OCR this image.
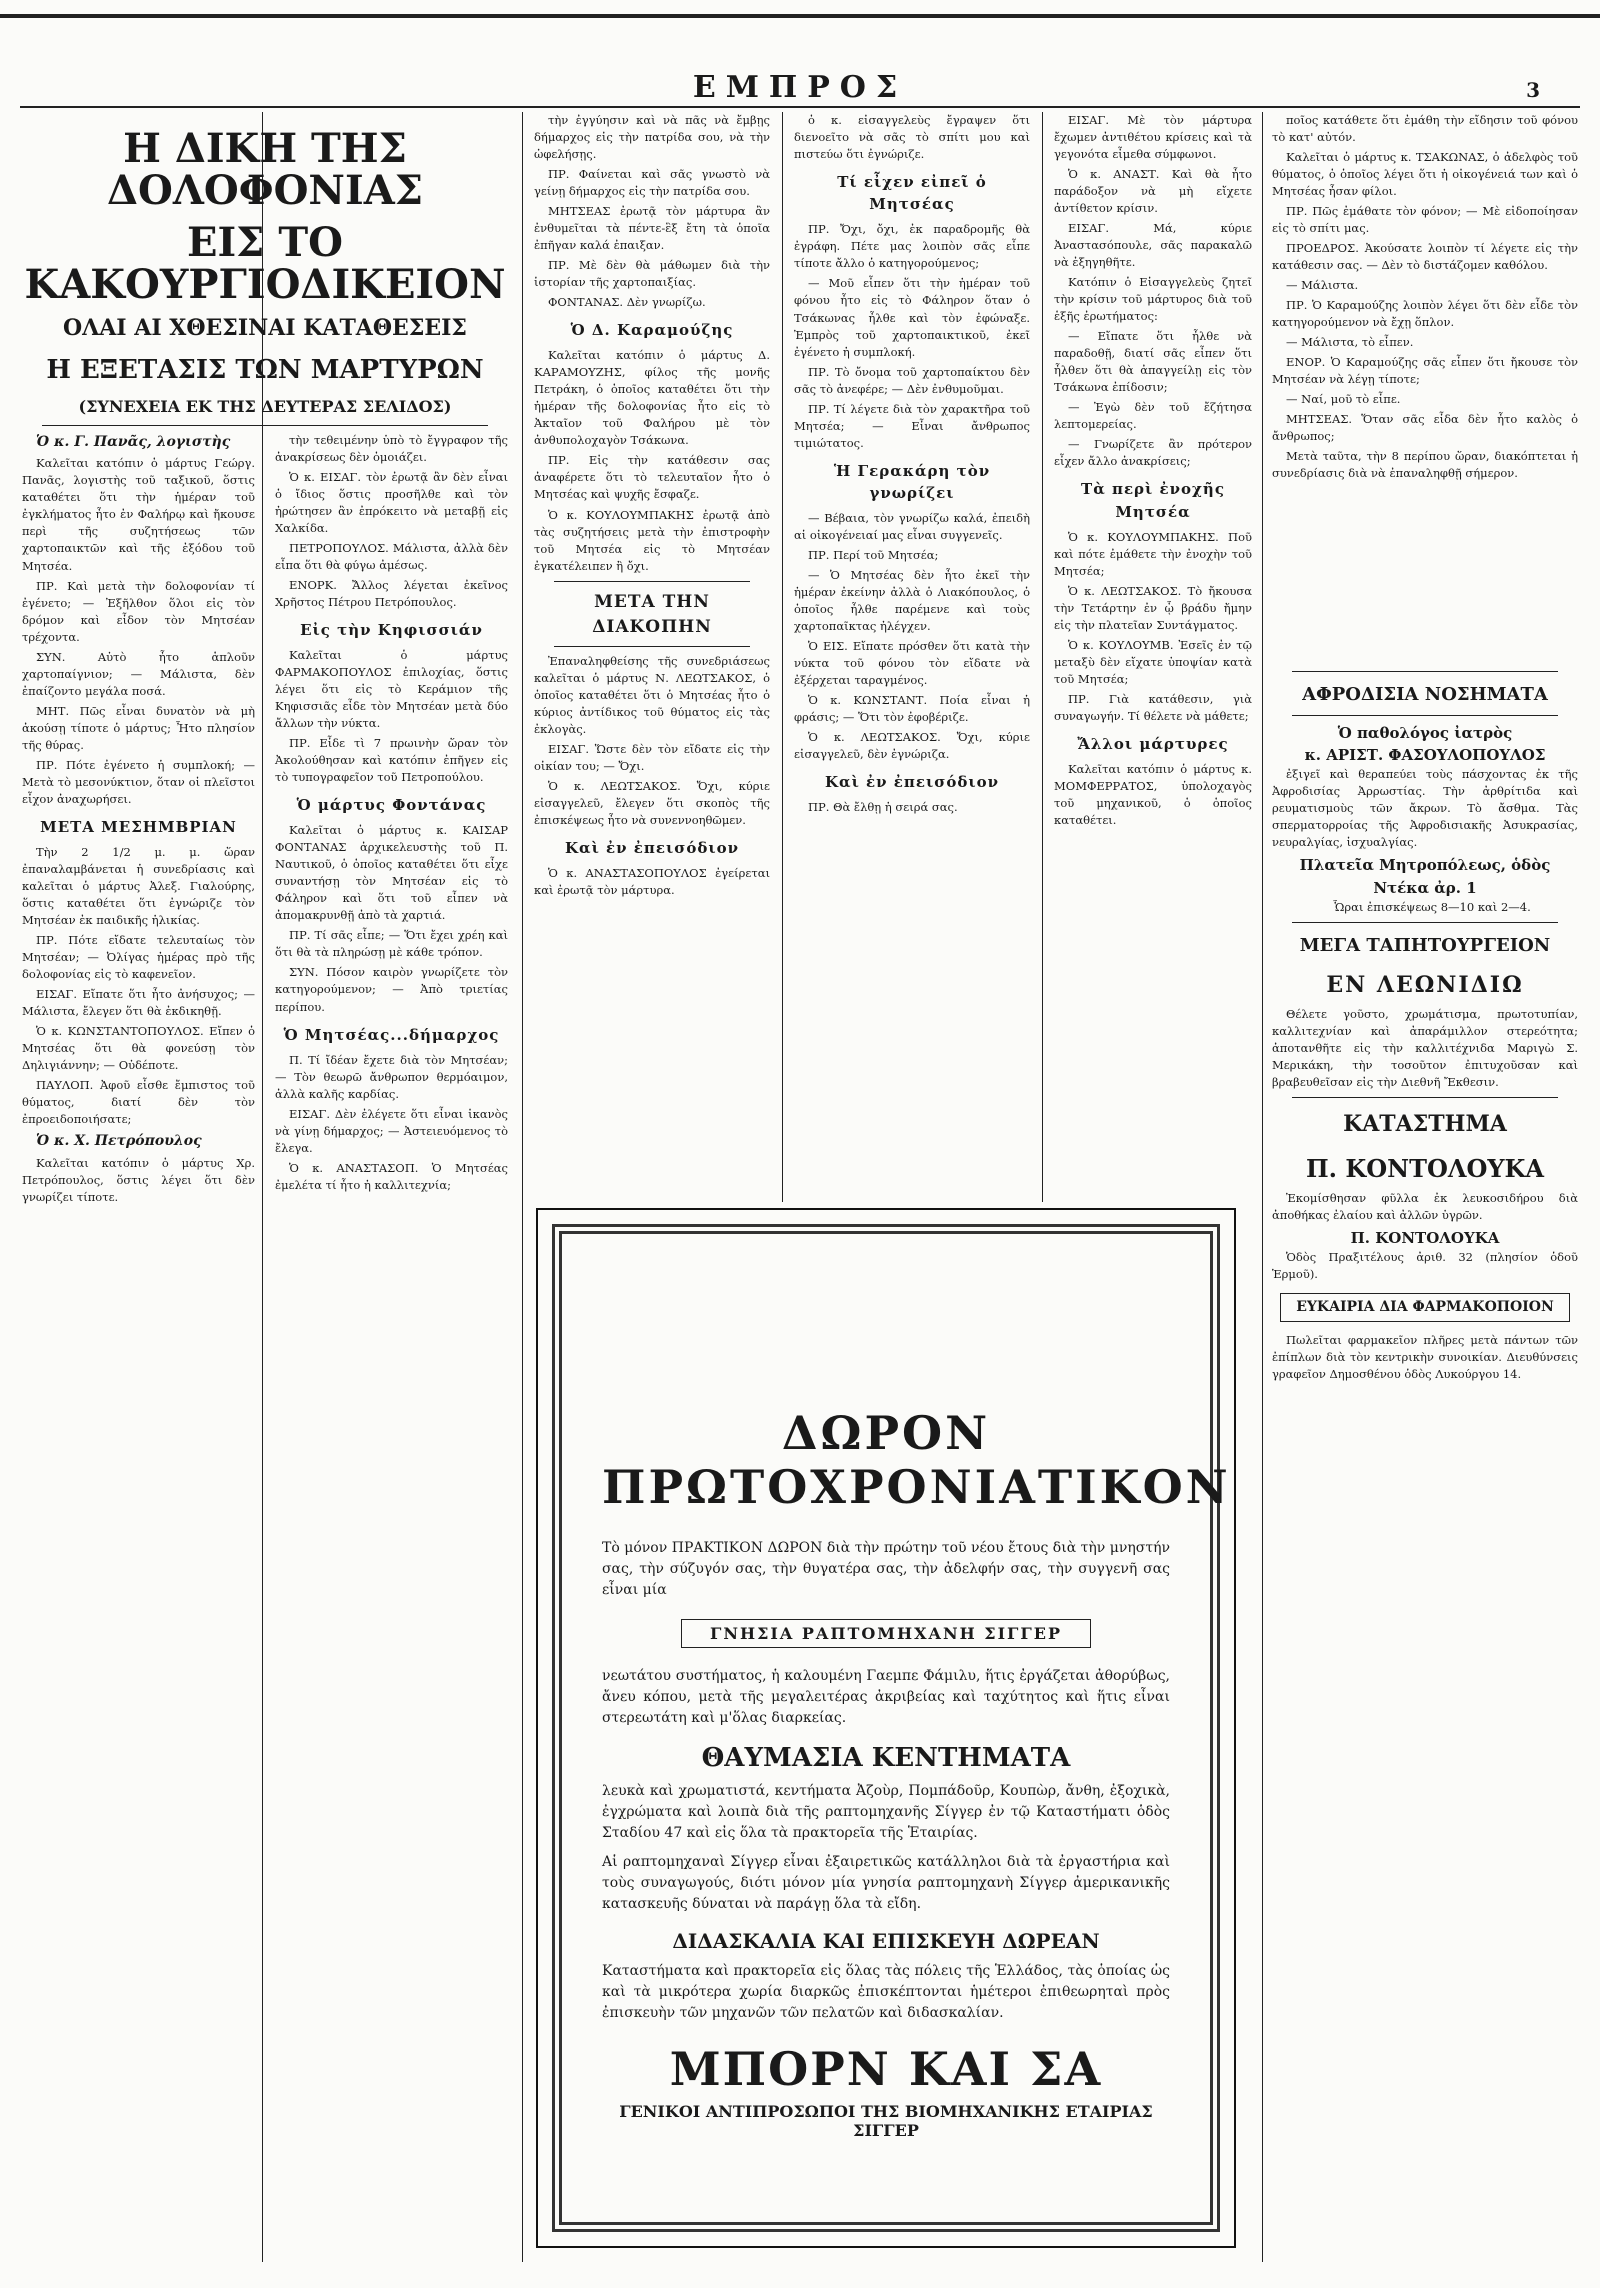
ΕΜΠΡΟΣ	3
Η ΔΙΚΗ ΤΗΣ ΔΟΛΟΦΟΝΙΑΣ
ΕΙΣ ΤΟ ΚΑΚΟΥΡΓΙΟΔΙΚΕΙΟΝ
ΟΛΑΙ ΑΙ ΧΘΕΣΙΝΑΙ ΚΑΤΑΘΕΣΕΙΣ
Η ΕΞΕΤΑΣΙΣ ΤΩΝ ΜΑΡΤΥΡΩΝ
(ΣΥΝΕΧΕΙΑ ΕΚ ΤΗΣ ΔΕΥΤΕΡΑΣ ΣΕΛΙΔΟΣ)

Ὁ κ. Γ. Πανᾶς, λογιστὴς

Καλεῖται κατόπιν ὁ μάρτυς Γεώργ. Πανᾶς, λογιστὴς τοῦ ταξικοῦ, ὅστις καταθέτει ὅτι τὴν ἡμέραν τοῦ ἐγκλήματος ἦτο ἐν Φαλήρῳ καὶ ἤκουσε περὶ τῆς συζητήσεως τῶν χαρτοπαικτῶν καὶ τῆς ἐξόδου τοῦ Μητσέα.

ΠΡ. Καὶ μετὰ τὴν δολοφονίαν τί ἐγένετο; — Ἐξῆλθον ὅλοι εἰς τὸν δρόμον καὶ εἶδον τὸν Μητσέαν τρέχοντα.

ΣΥΝ. Αὐτὸ ἦτο ἁπλοῦν χαρτοπαίγνιον; — Μάλιστα, δὲν ἐπαίζοντο μεγάλα ποσά.

ΜΗΤ. Πῶς εἶναι δυνατὸν νὰ μὴ ἀκούσῃ τίποτε ὁ μάρτυς; Ἦτο πλησίον τῆς θύρας.

ΠΡ. Πότε ἐγένετο ἡ συμπλοκή; — Μετὰ τὸ μεσονύκτιον, ὅταν οἱ πλεῖστοι εἶχον ἀναχωρήσει.

ΜΕΤΑ ΜΕΣΗΜΒΡΙΑΝ

Τὴν 2 1/2 μ. μ. ὥραν ἐπαναλαμβάνεται ἡ συνεδρίασις καὶ καλεῖται ὁ μάρτυς Ἀλεξ. Γιαλούρης, ὅστις καταθέτει ὅτι ἐγνώριζε τὸν Μητσέαν ἐκ παιδικῆς ἡλικίας.

ΠΡ. Πότε εἴδατε τελευταίως τὸν Μητσέαν; — Ὀλίγας ἡμέρας πρὸ τῆς δολοφονίας εἰς τὸ καφενεῖον.

ΕΙΣΑΓ. Εἴπατε ὅτι ἦτο ἀνήσυχος; — Μάλιστα, ἔλεγεν ὅτι θὰ ἐκδικηθῇ.

Ὁ κ. ΚΩΝΣΤΑΝΤΟΠΟΥΛΟΣ. Εἴπεν ὁ Μητσέας ὅτι θὰ φονεύσῃ τὸν Δηλιγιάννην; — Οὐδέποτε.

ΠΑΥΛΟΠ. Ἀφοῦ εἶσθε ἔμπιστος τοῦ θύματος, διατί δὲν τὸν ἐπροειδοποιήσατε;

Ὁ κ. Χ. Πετρόπουλος

Καλεῖται κατόπιν ὁ μάρτυς Χρ. Πετρόπουλος, ὅστις λέγει ὅτι δὲν γνωρίζει τίποτε.

τὴν τεθειμένην ὑπὸ τὸ ἔγγραφον τῆς ἀνακρίσεως δὲν ὁμοιάζει.

Ὁ κ. ΕΙΣΑΓ. τὸν ἐρωτᾷ ἂν δὲν εἶναι ὁ ἴδιος ὅστις προσῆλθε καὶ τὸν ἠρώτησεν ἂν ἐπρόκειτο νὰ μεταβῇ εἰς Χαλκίδα.

ΠΕΤΡΟΠΟΥΛΟΣ. Μάλιστα, ἀλλὰ δὲν εἶπα ὅτι θὰ φύγω ἀμέσως.

ΕΝΟΡΚ. Ἄλλος λέγεται ἐκεῖνος Χρῆστος Πέτρου Πετρόπουλος.

Εἰς τὴν Κηφισσιάν

Καλεῖται ὁ μάρτυς ΦΑΡΜΑΚΟΠΟΥΛΟΣ ἐπιλοχίας, ὅστις λέγει ὅτι εἰς τὸ Κεράμιον τῆς Κηφισσιᾶς εἶδε τὸν Μητσέαν μετὰ δύο ἄλλων τὴν νύκτα.

ΠΡ. Εἶδε τὶ 7 πρωινὴν ὥραν τὸν Ἀκολούθησαν καὶ κατόπιν ἐπῆγεν εἰς τὸ τυπογραφεῖον τοῦ Πετροπούλου.

Ὁ μάρτυς Φοντάνας

Καλεῖται ὁ μάρτυς κ. ΚΑΙΣΑΡ ΦΟΝΤΑΝΑΣ ἀρχικελευστὴς τοῦ Π. Ναυτικοῦ, ὁ ὁποῖος καταθέτει ὅτι εἶχε συναντήσῃ τὸν Μητσέαν εἰς τὸ Φάληρον καὶ ὅτι τοῦ εἶπεν νὰ ἀπομακρυνθῇ ἀπὸ τὰ χαρτιά.

ΠΡ. Τί σᾶς εἶπε; — Ὅτι ἔχει χρέη καὶ ὅτι θὰ τὰ πληρώσῃ μὲ κάθε τρόπον.

ΣΥΝ. Πόσον καιρὸν γνωρίζετε τὸν κατηγορούμενον; — Ἀπὸ τριετίας περίπου.

Ὁ Μητσέας...δήμαρχος

Π. Τί ἴδέαν ἔχετε διὰ τὸν Μητσέαν; — Τὸν θεωρῶ ἄνθρωπον θερμόαιμον, ἀλλὰ καλῆς καρδίας.

ΕΙΣΑΓ. Δὲν ἐλέγετε ὅτι εἶναι ἱκανὸς νὰ γίνῃ δήμαρχος; — Ἀστειευόμενος τὸ ἔλεγα.

Ὁ κ. ΑΝΑΣΤΑΣΟΠ. Ὁ Μητσέας ἐμελέτα τί ἦτο ἡ καλλιτεχνία;

τὴν ἐγγύησιν καὶ νὰ πᾶς νὰ ἔμβῃς δήμαρχος εἰς τὴν πατρίδα σου, νὰ τὴν ὠφελήσῃς.

ΠΡ. Φαίνεται καὶ σᾶς γνωστὸ νὰ γείνῃ δήμαρχος εἰς τὴν πατρίδα σου.

ΜΗΤΣΕΑΣ ἐρωτᾷ τὸν μάρτυρα ἂν ἐνθυμεῖται τὰ πέντε-ἓξ ἔτη τὰ ὁποῖα ἐπῆγαν καλά ἐπαιξαν.

ΠΡ. Μὲ δὲν θὰ μάθωμεν διὰ τὴν ἱστορίαν τῆς χαρτοπαιξίας.

ΦΟΝΤΑΝΑΣ. Δὲν γνωρίζω.

Ὁ Δ. Καραμούζης

Καλεῖται κατόπιν ὁ μάρτυς Δ. ΚΑΡΑΜΟΥΖΗΣ, φίλος τῆς μονῆς Πετράκη, ὁ ὁποῖος καταθέτει ὅτι τὴν ἡμέραν τῆς δολοφονίας ἦτο εἰς τὸ Ἀκταῖον τοῦ Φαλήρου μὲ τὸν ἀνθυπολοχαγὸν Τσάκωνα.

ΠΡ. Εἰς τὴν κατάθεσιν σας ἀναφέρετε ὅτι τὸ τελευταῖον ἦτο ὁ Μητσέας καὶ ψυχῆς ἔσφαζε.

Ὁ κ. ΚΟΥΛΟΥΜΠΑΚΗΣ ἐρωτᾷ ἀπὸ τὰς συζητήσεις μετὰ τὴν ἐπιστροφὴν τοῦ Μητσέα εἰς τὸ Μητσέαν ἐγκατέλειπεν ἢ ὄχι.

ΜΕΤΑ ΤΗΝ ΔΙΑΚΟΠΗΝ

Ἐπαναληφθείσης τῆς συνεδριάσεως καλεῖται ὁ μάρτυς Ν. ΛΕΩΤΣΑΚΟΣ, ὁ ὁποῖος καταθέτει ὅτι ὁ Μητσέας ἦτο ὁ κύριος ἀντίδικος τοῦ θύματος εἰς τὰς ἐκλογὰς.

ΕΙΣΑΓ. Ὥστε δὲν τὸν εἴδατε εἰς τὴν οἰκίαν του; — Ὄχι.

Ὁ κ. ΛΕΩΤΣΑΚΟΣ. Ὄχι, κύριε εἰσαγγελεῦ, ἔλεγεν ὅτι σκοπὸς τῆς ἐπισκέψεως ἦτο νὰ συνεννοηθῶμεν.

Καὶ ἐν ἐπεισόδιον

Ὁ κ. ΑΝΑΣΤΑΣΟΠΟΥΛΟΣ ἐγείρεται καὶ ἐρωτᾷ τὸν μάρτυρα.

ὁ κ. εἰσαγγελεὺς ἔγραψεν ὅτι διενοεῖτο νὰ σᾶς τὸ σπίτι μου καὶ πιστεύω ὅτι ἐγνώριζε.

Τί εἶχεν εἰπεῖ ὁ Μητσέας

ΠΡ. Ὄχι, ὄχι, ἐκ παραδρομῆς θὰ ἐγράφη. Πέτε μας λοιπὸν σᾶς εἶπε τίποτε ἄλλο ὁ κατηγορούμενος;

— Μοῦ εἶπεν ὅτι τὴν ἡμέραν τοῦ φόνου ἦτο εἰς τὸ Φάληρον ὅταν ὁ Τσάκωνας ἦλθε καὶ τὸν ἐφώναξε. Ἐμπρὸς τοῦ χαρτοπαικτικοῦ, ἐκεῖ ἐγένετο ἡ συμπλοκή.

ΠΡ. Τὸ ὄνομα τοῦ χαρτοπαίκτου δὲν σᾶς τὸ ἀνεφέρε; — Δὲν ἐνθυμοῦμαι.

ΠΡ. Τί λέγετε διὰ τὸν χαρακτῆρα τοῦ Μητσέα; — Εἶναι ἄνθρωπος τιμιώτατος.

Ἡ Γερακάρη τὸν γνωρίζει

— Βέβαια, τὸν γνωρίζω καλά, ἐπειδὴ αἱ οἰκογένειαί μας εἶναι συγγενεῖς.

ΠΡ. Περί τοῦ Μητσέα;

— Ὁ Μητσέας δὲν ἦτο ἐκεῖ τὴν ἡμέραν ἐκείνην ἀλλὰ ὁ Λιακόπουλος, ὁ ὁποῖος ἦλθε παρέμενε καὶ τοὺς χαρτοπαῖκτας ἠλέγχεν.

Ὁ ΕΙΣ. Εἴπατε πρόσθεν ὅτι κατὰ τὴν νύκτα τοῦ φόνου τὸν εἴδατε νὰ ἐξέρχεται ταραγμένος.

Ὁ κ. ΚΩΝΣΤΑΝΤ. Ποία εἶναι ἡ φράσις; — Ὅτι τὸν ἐφοβέριζε.

Ὁ κ. ΛΕΩΤΣΑΚΟΣ. Ὄχι, κύριε εἰσαγγελεῦ, δὲν ἐγνώριζα.

Καὶ ἐν ἐπεισόδιον

ΠΡ. Θὰ ἔλθῃ ἡ σειρά σας.

ΕΙΣΑΓ. Μὲ τὸν μάρτυρα ἔχωμεν ἀντιθέτου κρίσεις καὶ τὰ γεγονότα εἶμεθα σύμφωνοι.

Ὁ κ. ΑΝΑΣΤ. Καὶ θὰ ἦτο παράδοξον νὰ μὴ εἴχετε ἀντίθετον κρίσιν.

ΕΙΣΑΓ. Μά, κύριε Ἀναστασόπουλε, σᾶς παρακαλῶ νὰ ἐξηγηθῆτε.

Κατόπιν ὁ Εἰσαγγελεὺς ζητεῖ τὴν κρίσιν τοῦ μάρτυρος διὰ τοῦ ἑξῆς ἐρωτήματος:

— Εἴπατε ὅτι ἦλθε νὰ παραδοθῇ, διατί σᾶς εἶπεν ὅτι ἦλθεν ὅτι θὰ ἀπαγγείλῃ εἰς τὸν Τσάκωνα ἐπίδοσιν;

— Ἐγὼ δὲν τοῦ ἔζήτησα λεπτομερείας.

— Γνωρίζετε ἂν πρότερον εἶχεν ἄλλο ἀνακρίσεις;

Τὰ περὶ ἐνοχῆς Μητσέα

Ὁ κ. ΚΟΥΛΟΥΜΠΑΚΗΣ. Ποῦ καὶ πότε ἐμάθετε τὴν ἐνοχὴν τοῦ Μητσέα;

Ὁ κ. ΛΕΩΤΣΑΚΟΣ. Τὸ ἤκουσα τὴν Τετάρτην ἐν ᾧ βράδυ ἤμην εἰς τὴν πλατεῖαν Συντάγματος.

Ὁ κ. ΚΟΥΛΟΥΜΒ. Ἐσεῖς ἐν τῷ μεταξὺ δὲν εἴχατε ὑποψίαν κατὰ τοῦ Μητσέα;

ΠΡ. Γιὰ κατάθεσιν, γιὰ συναγωγήν. Τί θέλετε νὰ μάθετε;

Ἄλλοι μάρτυρες

Καλεῖται κατόπιν ὁ μάρτυς κ. ΜΟΜΦΕΡΡΑΤΟΣ, ὑπολοχαγὸς τοῦ μηχανικοῦ, ὁ ὁποῖος καταθέτει.

ποῖος κατάθετε ὅτι ἐμάθη τὴν εἴδησιν τοῦ φόνου τὸ κατ' αὐτόν.

Καλεῖται ὁ μάρτυς κ. ΤΣΑΚΩΝΑΣ, ὁ ἀδελφὸς τοῦ θύματος, ὁ ὁποῖος λέγει ὅτι ἡ οἰκογένειά των καὶ ὁ Μητσέας ἦσαν φίλοι.

ΠΡ. Πῶς ἐμάθατε τὸν φόνον; — Μὲ εἰδοποίησαν εἰς τὸ σπίτι μας.

ΠΡΟΕΔΡΟΣ. Ἀκούσατε λοιπὸν τί λέγετε εἰς τὴν κατάθεσιν σας. — Δὲν τὸ διστάζομεν καθόλου.

— Μάλιστα.

ΠΡ. Ὁ Καραμούζης λοιπὸν λέγει ὅτι δὲν εἶδε τὸν κατηγορούμενον νὰ ἔχῃ ὅπλον.

— Μάλιστα, τὸ εἶπεν.

ΕΝΟΡ. Ὁ Καραμούζης σᾶς εἶπεν ὅτι ἤκουσε τὸν Μητσέαν νὰ λέγῃ τίποτε;

— Ναί, μοῦ τὸ εἶπε.

ΜΗΤΣΕΑΣ. Ὅταν σᾶς εἶδα δὲν ἦτο καλὸς ὁ ἄνθρωπος;

Μετὰ ταῦτα, τὴν 8 περίπου ὥραν, διακόπτεται ἡ συνεδρίασις διὰ νὰ ἐπαναληφθῇ σήμερον.

ΑΦΡΟΔΙΣΙΑ ΝΟΣΗΜΑΤΑ
Ὁ παθολόγος ἰατρὸς
κ. ΑΡΙΣΤ. ΦΑΣΟΥΛΟΠΟΥΛΟΣ

ἐξιγεῖ καὶ θεραπεύει τοὺς πάσχοντας ἐκ τῆς Ἀφροδισίας Ἀρρωστίας. Τὴν ἀρθρίτιδα καὶ ρευματισμοὺς τῶν ἄκρων. Τὸ ἄσθμα. Τὰς σπερματορροίας τῆς Ἀφροδισιακῆς Ἀσυκρασίας, νευραλγίας, ἰσχυαλγίας.

Πλατεῖα Μητροπόλεως, ὁδὸς Ντέκα ἀρ. 1

Ὧραι ἐπισκέψεως 8—10 καὶ 2—4.

ΜΕΓΑ ΤΑΠΗΤΟΥΡΓΕΙΟΝ
ΕΝ ΛΕΩΝΙΔΙΩ

Θέλετε γοῦστο, χρωμάτισμα, πρωτοτυπίαν, καλλιτεχνίαν καὶ ἀπαράμιλλον στερεότητα; ἀποτανθῆτε εἰς τὴν καλλιτέχνιδα Μαριγὼ Σ. Μερικάκη, τὴν τοσοῦτον ἐπιτυχοῦσαν καὶ βραβευθεῖσαν εἰς τὴν Διεθνῆ Ἔκθεσιν.

ΚΑΤΑΣΤΗΜΑ
Π. ΚΟΝΤΟΛΟΥΚΑ

Ἐκομίσθησαν φῦλλα ἐκ λευκοσιδήρου διὰ ἀποθήκας ἐλαίου καὶ ἀλλῶν ὑγρῶν.

Π. ΚΟΝΤΟΛΟΥΚΑ

Ὁδὸς Πραξιτέλους ἀριθ. 32 (πλησίον ὁδοῦ Ἑρμοῦ).

ΕΥΚΑΙΡΙΑ ΔΙΑ ΦΑΡΜΑΚΟΠΟΙΟΝ

Πωλεῖται φαρμακεῖον πλῆρες μετὰ πάντων τῶν ἐπίπλων διὰ τὸν κεντρικὴν συνοικίαν. Διευθύνσεις γραφεῖον Δημοσθένου ὁδὸς Λυκούργου 14.

ΔΩΡΟΝ ΠΡΩΤΟΧΡΟΝΙΑΤΙΚΟΝ
Τὸ μόνον ΠΡΑΚΤΙΚΟΝ ΔΩΡΟΝ διὰ τὴν πρώτην τοῦ νέου ἔτους διὰ τὴν μνηστήν σας, τὴν σύζυγόν σας, τὴν θυγατέρα σας, τὴν ἀδελφήν σας, τὴν συγγενῆ σας εἶναι μία
ΓΝΗΣΙΑ ΡΑΠΤΟΜΗΧΑΝΗ ΣΙΓΓΕΡ
νεωτάτου συστήματος, ἡ καλουμένη Γαεμπε Φάμιλυ, ἥτις ἐργάζεται ἀθορύβως, ἄνευ κόπου, μετὰ τῆς μεγαλειτέρας ἀκριβείας καὶ ταχύτητος καὶ ἥτις εἶναι στερεωτάτη καὶ μ'ὅλας διαρκείας.
ΘΑΥΜΑΣΙΑ ΚΕΝΤΗΜΑΤΑ
λευκὰ καὶ χρωματιστά, κεντήματα Ἀζοὺρ, Πομπάδοῦρ, Κουπὼρ, ἄνθη, ἐξοχικὰ, ἐγχρώματα καὶ λοιπὰ διὰ τῆς ραπτομηχανῆς Σίγγερ ἐν τῷ Καταστήματι ὁδὸς Σταδίου 47 καὶ εἰς ὅλα τὰ πρακτορεῖα τῆς Ἑταιρίας.
Αἱ ραπτομηχαναὶ Σίγγερ εἶναι ἐξαιρετικῶς κατάλληλοι διὰ τὰ ἐργαστήρια καὶ τοὺς συναγωγούς, διότι μόνον μία γνησία ραπτομηχανὴ Σίγγερ ἀμερικανικῆς κατασκευῆς δύναται νὰ παράγῃ ὅλα τὰ εἴδη.
ΔΙΔΑΣΚΑΛΙΑ ΚΑΙ ΕΠΙΣΚΕΥΗ ΔΩΡΕΑΝ
Καταστήματα καὶ πρακτορεῖα εἰς ὅλας τὰς πόλεις τῆς Ἑλλάδος, τὰς ὁποίας ὡς καὶ τὰ μικρότερα χωρία διαρκῶς ἐπισκέπτονται ἡμέτεροι ἐπιθεωρηταὶ πρὸς ἐπισκευὴν τῶν μηχανῶν τῶν πελατῶν καὶ διδασκαλίαν.
ΜΠΟΡΝ ΚΑΙ ΣΑ
ΓΕΝΙΚΟΙ ΑΝΤΙΠΡΟΣΩΠΟΙ ΤΗΣ ΒΙΟΜΗΧΑΝΙΚΗΣ ΕΤΑΙΡΙΑΣ ΣΙΓΓΕΡ
